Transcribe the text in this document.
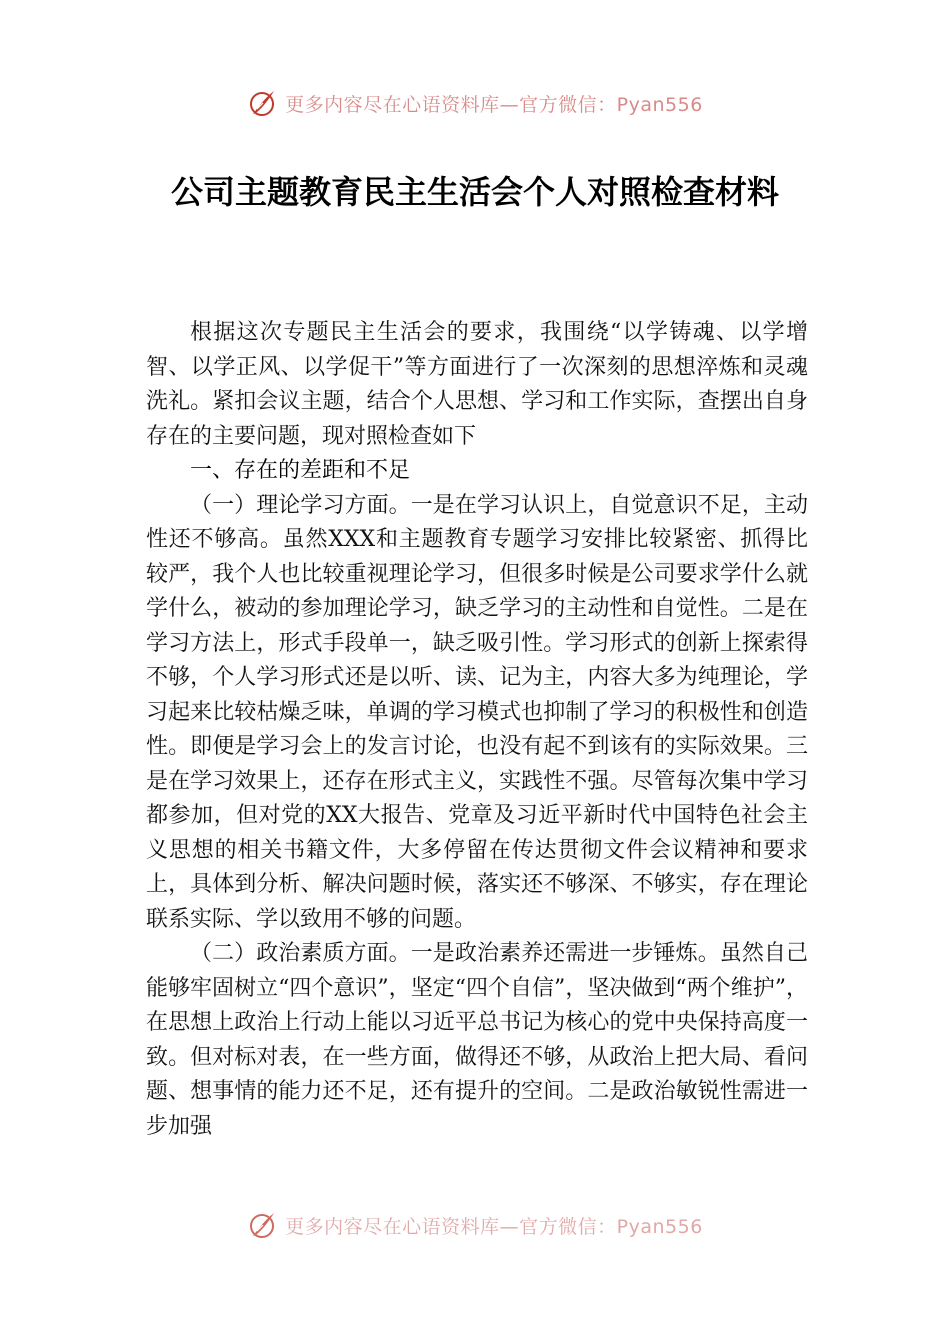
更多内容尽在心语资料库—官方微信：Pyan556
公司主题教育民主生活会个人对照检查材料

根据这次专题民主生活会的要求，我围绕“以学铸魂、以学增智、以学正风、以学促干”等方面进行了一次深刻的思想淬炼和灵魂洗礼。紧扣会议主题，结合个人思想、学习和工作实际，查摆出自身存在的主要问题，现对照检查如下

一、存在的差距和不足

（一）理论学习方面。一是在学习认识上，自觉意识不足，主动性还不够高。虽然XXX和主题教育专题学习安排比较紧密、抓得比较严，我个人也比较重视理论学习，但很多时候是公司要求学什么就学什么，被动的参加理论学习，缺乏学习的主动性和自觉性。二是在学习方法上，形式手段单一，缺乏吸引性。学习形式的创新上探索得不够，个人学习形式还是以听、读、记为主，内容大多为纯理论，学习起来比较枯燥乏味，单调的学习模式也抑制了学习的积极性和创造性。即便是学习会上的发言讨论，也没有起不到该有的实际效果。三是在学习效果上，还存在形式主义，实践性不强。尽管每次集中学习都参加，但对党的XX大报告、党章及习近平新时代中国特色社会主义思想的相关书籍文件，大多停留在传达贯彻文件会议精神和要求上，具体到分析、解决问题时候，落实还不够深、不够实，存在理论联系实际、学以致用不够的问题。

（二）政治素质方面。一是政治素养还需进一步锤炼。虽然自己能够牢固树立“四个意识”，坚定“四个自信”，坚决做到“两个维护”，在思想上政治上行动上能以习近平总书记为核心的党中央保持高度一致。但对标对表，在一些方面，做得还不够，从政治上把大局、看问题、想事情的能力还不足，还有提升的空间。二是政治敏锐性需进一步加强

更多内容尽在心语资料库—官方微信：Pyan556
